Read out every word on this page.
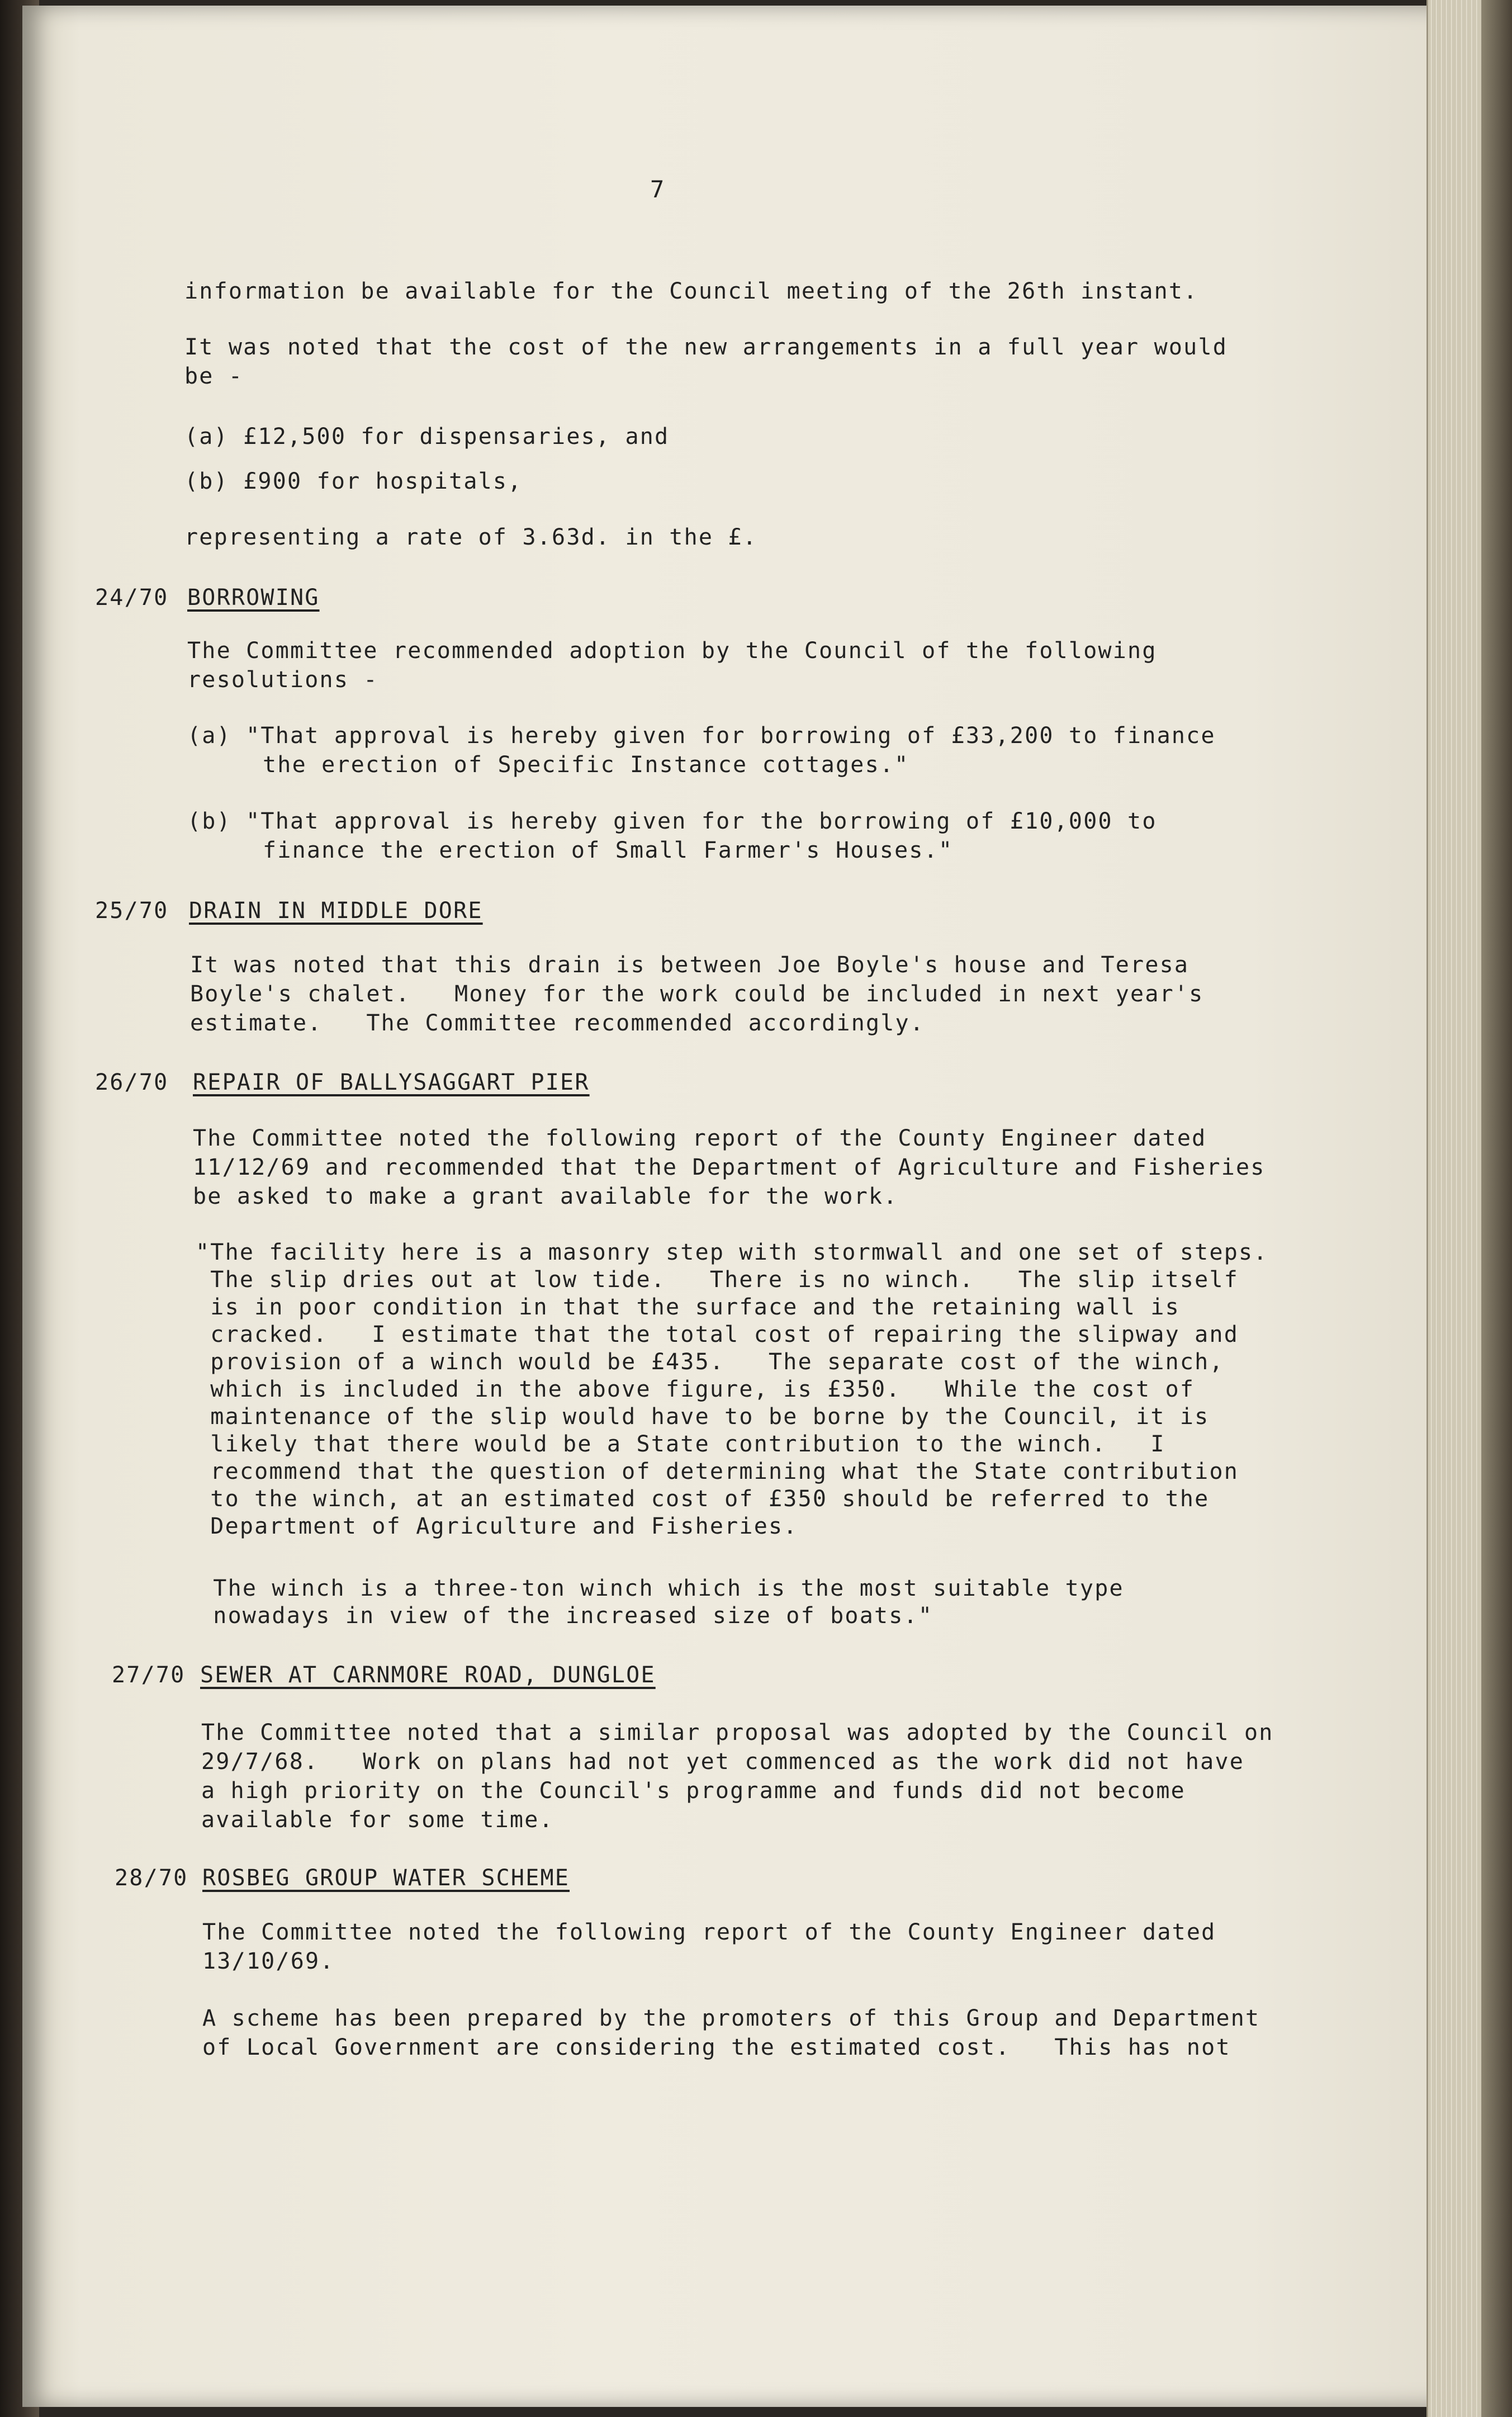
7
information be available for the Council meeting of the 26th instant.
It was noted that the cost of the new arrangements in a full year would
be -
(a) £12,500 for dispensaries, and
(b) £900 for hospitals,
representing a rate of 3.63d. in the £.
24/70 BORROWING
The Committee recommended adoption by the Council of the following
resolutions -
(a) "That approval is hereby given for borrowing of £33,200 to finance
the erection of Specific Instance cottages."
(b) "That approval is hereby given for the borrowing of £10,000 to
finance the erection of Small Farmer's Houses."
25/70 DRAIN IN MIDDLE DORE
It was noted that this drain is between Joe Boyle's house and Teresa
Boyle's chalet.   Money for the work could be included in next year's
estimate.   The Committee recommended accordingly.
26/70 REPAIR OF BALLYSAGGART PIER
The Committee noted the following report of the County Engineer dated
11/12/69 and recommended that the Department of Agriculture and Fisheries
be asked to make a grant available for the work.
"The facility here is a masonry step with stormwall and one set of steps.
The slip dries out at low tide.   There is no winch.   The slip itself
is in poor condition in that the surface and the retaining wall is
cracked.   I estimate that the total cost of repairing the slipway and
provision of a winch would be £435.   The separate cost of the winch,
which is included in the above figure, is £350.   While the cost of
maintenance of the slip would have to be borne by the Council, it is
likely that there would be a State contribution to the winch.   I
recommend that the question of determining what the State contribution
to the winch, at an estimated cost of £350 should be referred to the
Department of Agriculture and Fisheries.
The winch is a three-ton winch which is the most suitable type
nowadays in view of the increased size of boats."
27/70 SEWER AT CARNMORE ROAD, DUNGLOE
The Committee noted that a similar proposal was adopted by the Council on
29/7/68.   Work on plans had not yet commenced as the work did not have
a high priority on the Council's programme and funds did not become
available for some time.
28/70 ROSBEG GROUP WATER SCHEME
The Committee noted the following report of the County Engineer dated
13/10/69.
A scheme has been prepared by the promoters of this Group and Department
of Local Government are considering the estimated cost.   This has not
